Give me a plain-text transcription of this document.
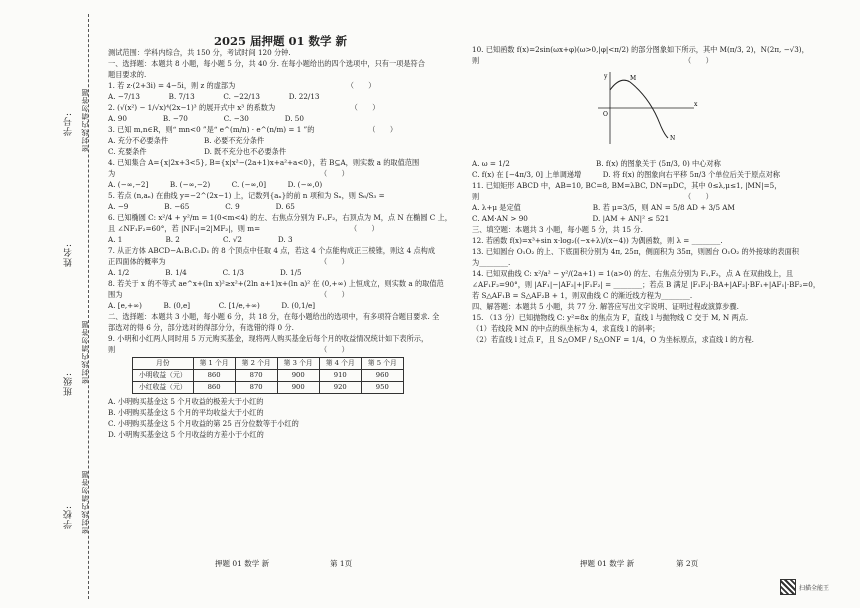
学号:
姓名:
班级:
学校:
密封线内请勿答题
密封线内请勿答题
密封线内请勿答题

2025 届押题 01 数学 新

测试范围：学科内综合，共 150 分，考试时间 120 分钟.

一、选择题：本题共 8 小题，每小题 5 分，共 40 分. 在每小题给出的四个选项中，只有一项是符合

题目要求的.

1. 若 z·(2+3i) = 4−5i，则 z 的虚部为　　　　　　　　　　　　　　　　（　　）

A. −7/13　　　　B. 7/13　　　　C. −22/13　　　　D. 22/13

2. (√(x²) − 1/√x)⁴(2x−1)³ 的展开式中 x³ 的系数为　　　　　　　　　　　（　　）

A. 90　　　　　B. −70　　　　　C. −30　　　　　D. 50

3. 已知 m,n∈R，则“ mn<0 ”是“ e^(m/n) · e^(n/m) = 1 ”的　　　　　　　　（　　）

A. 充分不必要条件　　　　　B. 必要不充分条件

C. 充要条件　　　　　　　　D. 既不充分也不必要条件

4. 已知集合 A={x|2x+3<5}, B={x|x²−(2a+1)x+a²+a<0}，若 B⊆A，则实数 a 的取值范围

为　　　　　　　　　　　　　　　　　　　　　　　　　　　　　（　　）

A. (−∞,−2]　　　B. (−∞,−2)　　　C. (−∞,0]　　　D. (−∞,0)

5. 若点 (n,aₙ) 在曲线 y=−2^(2x−1) 上，记数列{aₙ}的前 n 项和为 Sₙ，则 S₆/S₃ =

A. −9　　　　　B. −65　　　　　C. 9　　　　　D. 65

6. 已知椭圆 C: x²/4 + y²/m = 1(0<m<4) 的左、右焦点分别为 F₁,F₂，右顶点为 M，点 N 在椭圆 C 上，

且 ∠NF₁F₂=60°，若 |NF₁|=2|MF₂|，则 m=　　　　　　　　　　　　　（　　）

A. 1　　　　　　B. 2　　　　　　C. √2　　　　　D. 3

7. 从正方体 ABCD−A₁B₁C₁D₁ 的 8 个顶点中任取 4 点，若这 4 个点能构成正三棱锥，则这 4 点构成

正四面体的概率为　　　　　　　　　　　　　　　　　　　　　　（　　）

A. 1/2　　　　　B. 1/4　　　　　C. 1/3　　　　　D. 1/5

8. 若关于 x 的不等式 ae^x+(ln x)²≥x²+(2ln a+1)x+(ln a)² 在 (0,+∞) 上恒成立，则实数 a 的取值范

围为　　　　　　　　　　　　　　　　　　　　　　　　　　　　（　　）

A. [e,+∞)　　　B. (0,e]　　　　C. [1/e,+∞)　　　D. (0,1/e]

二、选择题：本题共 3 小题，每小题 6 分，共 18 分，在每小题给出的选项中，有多项符合题目要求. 全

部选对的得 6 分，部分选对的得部分分，有选错的得 0 分.

9. 小明和小红两人同时用 5 万元购买基金，现将两人购买基金后每个月的收益情况统计如下表所示，

则　　　　　　　　　　　　　　　　　　　　　　　　　　　　　（　　）

月份	第 1 个月	第 2 个月	第 3 个月	第 4 个月	第 5 个月
小明收益（元）	860	870	900	910	960
小红收益（元）	860	870	900	920	950

A. 小明购买基金这 5 个月收益的极差大于小红的

B. 小明购买基金这 5 个月的平均收益大于小红的

C. 小明购买基金这 5 个月收益的第 25 百分位数等于小红的

D. 小明购买基金这 5 个月收益的方差小于小红的

押题 01 数学 新	第 1页

10. 已知函数 f(x)=2sin(ωx+φ)(ω>0,|φ|<π/2) 的部分图象如下所示，其中 M(π/3, 2)，N(2π, −√3)，

则　　　　　　　　　　　　　　　　　　　　　　　　　　　　　（　　）

A. ω = 1/2　　　　　　　　　　　　B. f(x) 的图象关于 (5π/3, 0) 中心对称

C. f(x) 在 [−4π/3, 0] 上单调递增　　　D. 将 f(x) 的图象向右平移 5π/3 个单位后关于原点对称

11. 已知矩形 ABCD 中，AB=10, BC=8, BM=λBC, DN=μDC，其中 0≤λ,μ≤1, |MN|=5，

则　　　　　　　　　　　　　　　　　　　　　　　　　　　　　（　　）

A. λ+μ 是定值　　　　　　　　　　B. 若 μ=3/5，则 AN = 5/8 AD + 3/5 AM

C. AM·AN > 90　　　　　　　　　D. |AM + AN|² ≤ 521

三、填空题：本题共 3 小题，每小题 5 分，共 15 分.

12. 若函数 f(x)=x³+sin x·log₂((−x+λ)/(x−4)) 为偶函数，则 λ = ________.

13. 已知圆台 O₁O₂ 的上、下底面积分别为 4π, 25π，侧面积为 35π，则圆台 O₁O₂ 的外接球的表面积

为________.

14. 已知双曲线 C: x²/a² − y²/(2a+1) = 1(a>0) 的左、右焦点分别为 F₁,F₂，点 A 在双曲线上，且

∠AF₁F₂=90°，则 |AF₁|−|AF₂|+|F₁F₂| = ________；若点 B 满足 |F₁F₂|·BA+|AF₂|·BF₁+|AF₁|·BF₂=0，

若 S△AF₁B = S△AF₂B + 1，则双曲线 C 的渐近线方程为________.

四、解答题：本题共 5 小题，共 77 分. 解答应写出文字说明、证明过程或演算步骤.

15. （13 分）已知抛物线 C: y²=8x 的焦点为 F，直线 l 与抛物线 C 交于 M, N 两点.

（1）若线段 MN 的中点的纵坐标为 4，求直线 l 的斜率；

（2）若直线 l 过点 F，且 S△OMF / S△ONF = 1/4，O 为坐标原点，求直线 l 的方程.

y
x
O
M
N
押题 01 数学 新	第 2页
扫描全能王
